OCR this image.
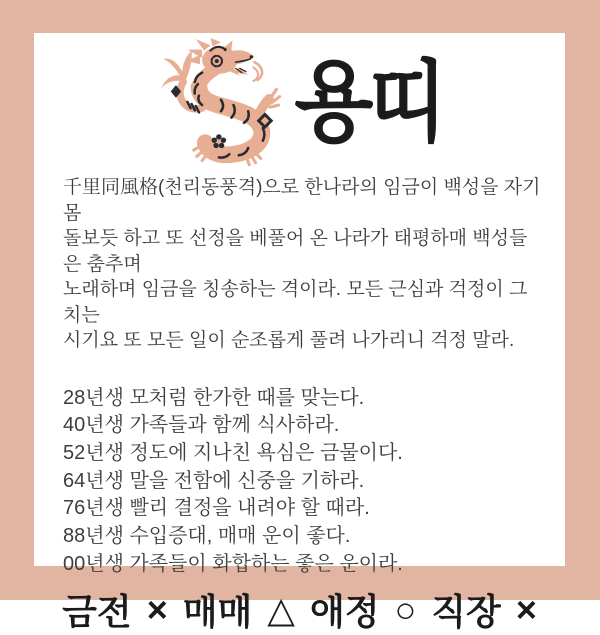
용띠
千里同風格(천리동풍격)으로 한나라의 임금이 백성을 자기 몸
돌보듯 하고 또 선정을 베풀어 온 나라가 태평하매 백성들은 춤추며
노래하며 임금을 칭송하는 격이라. 모든 근심과 걱정이 그치는
시기요 또 모든 일이 순조롭게 풀려 나가리니 걱정 말라.
28년생 모처럼 한가한 때를 맞는다.
40년생 가족들과 함께 식사하라.
52년생 정도에 지나친 욕심은 금물이다.
64년생 말을 전함에 신중을 기하라.
76년생 빨리 결정을 내려야 할 때라.
88년생 수입증대, 매매 운이 좋다.
00년생 가족들이 화합하는 좋은 운이라.
금전 × 매매 △ 애정 ○ 직장 ×
